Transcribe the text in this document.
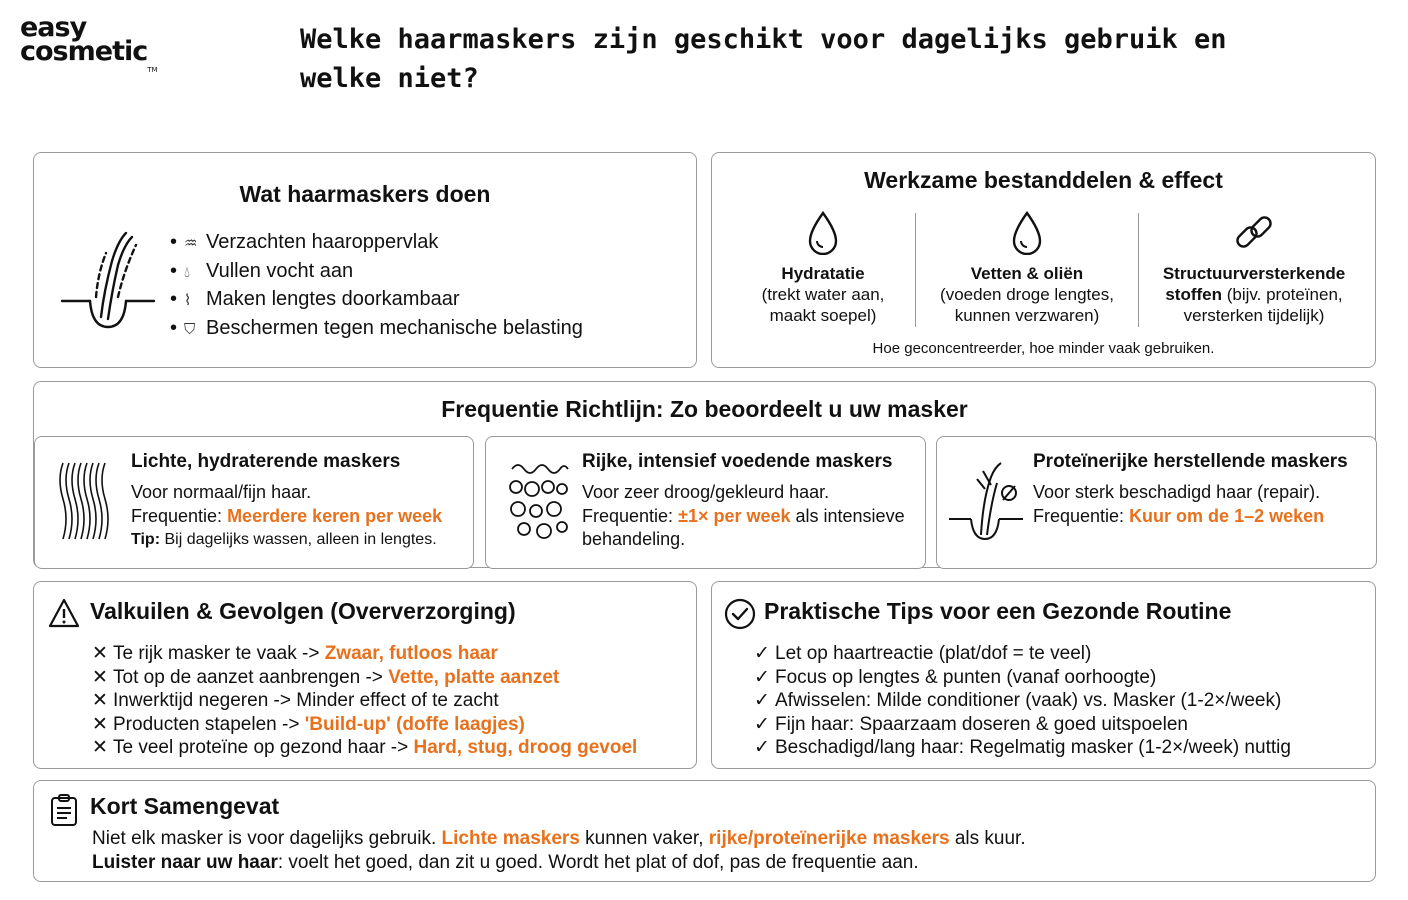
easy
cosmetic™
Welke haarmaskers zijn geschikt voor dagelijks gebruik en welke niet?
Wat haarmaskers doen
• ♒ Verzachten haaroppervlak
• 💧︎ Vullen vocht aan
• ⌇ Maken lengtes doorkambaar
• ⛉ Beschermen tegen mechanische belasting
Werkzame bestanddelen & effect
Hydratatie
(trekt water aan, maakt soepel)
Vetten & oliën
(voeden droge lengtes, kunnen verzwaren)
Structuurversterkende stoffen (bijv. proteïnen, versterken tijdelijk)
Hoe geconcentreerder, hoe minder vaak gebruiken.
Frequentie Richtlijn: Zo beoordeelt u uw masker
Lichte, hydraterende maskers
Voor normaal/fijn haar.
Frequentie: Meerdere keren per week
Tip: Bij dagelijks wassen, alleen in lengtes.
Rijke, intensief voedende maskers
Voor zeer droog/gekleurd haar.
Frequentie: ±1× per week als intensieve behandeling.
Proteïnerijke herstellende maskers
Voor sterk beschadigd haar (repair).
Frequentie: Kuur om de 1–2 weken
Valkuilen & Gevolgen (Oververzorging)
✕ Te rijk masker te vaak -> Zwaar, futloos haar
✕ Tot op de aanzet aanbrengen -> Vette, platte aanzet
✕ Inwerktijd negeren -> Minder effect of te zacht
✕ Producten stapelen -> 'Build-up' (doffe laagjes)
✕ Te veel proteïne op gezond haar -> Hard, stug, droog gevoel
Praktische Tips voor een Gezonde Routine
✓ Let op haartreactie (plat/dof = te veel)
✓ Focus op lengtes & punten (vanaf oorhoogte)
✓ Afwisselen: Milde conditioner (vaak) vs. Masker (1-2×/week)
✓ Fijn haar: Spaarzaam doseren & goed uitspoelen
✓ Beschadigd/lang haar: Regelmatig masker (1-2×/week) nuttig
Kort Samengevat
Niet elk masker is voor dagelijks gebruik. Lichte maskers kunnen vaker, rijke/proteïnerijke maskers als kuur.
Luister naar uw haar: voelt het goed, dan zit u goed. Wordt het plat of dof, pas de frequentie aan.
